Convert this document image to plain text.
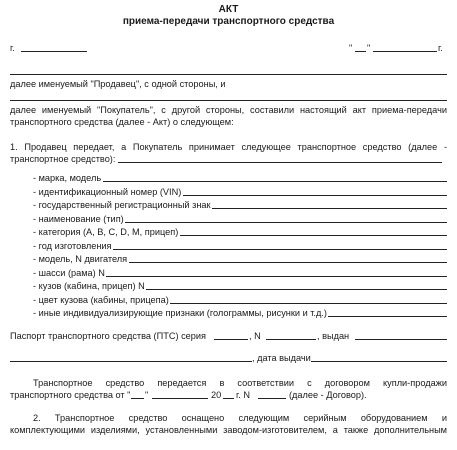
АКТ
приема-передачи транспортного средства
г.	" "	г.
далее именуемый "Продавец", с одной стороны, и
далее именуемый "Покупатель", с другой стороны, составили настоящий акт приема-передачи
транспортного средства (далее - Акт) о следующем:
1. Продавец передает, а Покупатель принимает следующее транспортное средство (далее -
транспортное средство):
- марка, модель
- идентификационный номер (VIN)
- государственный регистрационный знак
- наименование (тип)
- категория (A, B, C, D, M, прицеп)
- год изготовления
- модель, N двигателя
- шасси (рама) N
- кузов (кабина, прицеп) N
- цвет кузова (кабины, прицепа)
- иные индивидуализирующие признаки (голограммы, рисунки и т.д.)
Паспорт транспортного средства (ПТС) серия	, N	, выдан
, дата выдачи
Транспортное средство передается в соответствии с договором купли-продажи
транспортного средства от " "	20 г. N	(далее - Договор).
2. Транспортное средство оснащено следующим серийным оборудованием и
комплектующими изделиями, установленными заводом-изготовителем, а также дополнительным
